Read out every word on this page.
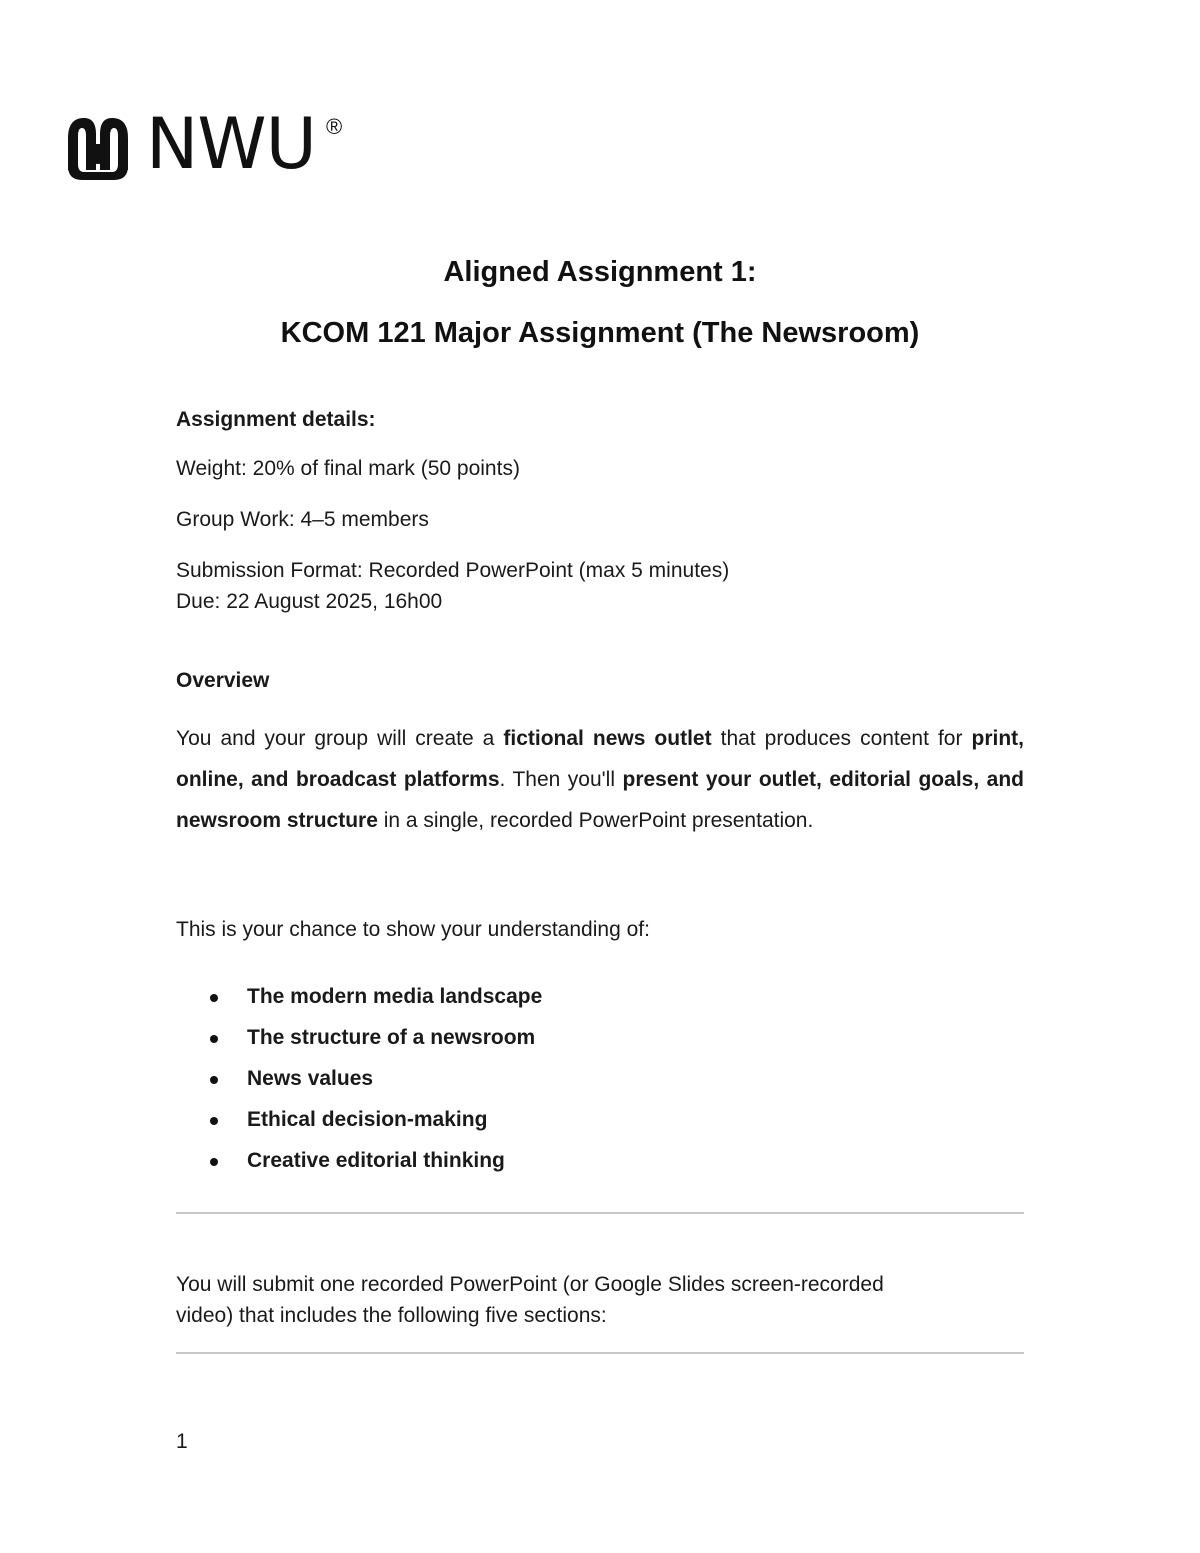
NWU ®
Aligned Assignment 1:
KCOM 121 Major Assignment (The Newsroom)

Assignment details:

Weight: 20% of final mark (50 points)

Group Work: 4–5 members

Submission Format: Recorded PowerPoint (max 5 minutes)

Due: 22 August 2025, 16h00

Overview

You and your group will create a fictional news outlet that produces content for print, online, and broadcast platforms. Then you'll present your outlet, editorial goals, and newsroom structure in a single, recorded PowerPoint presentation.

This is your chance to show your understanding of:

The modern media landscape
The structure of a newsroom
News values
Ethical decision-making
Creative editorial thinking

You will submit one recorded PowerPoint (or Google Slides screen-recorded

video) that includes the following five sections:

1
